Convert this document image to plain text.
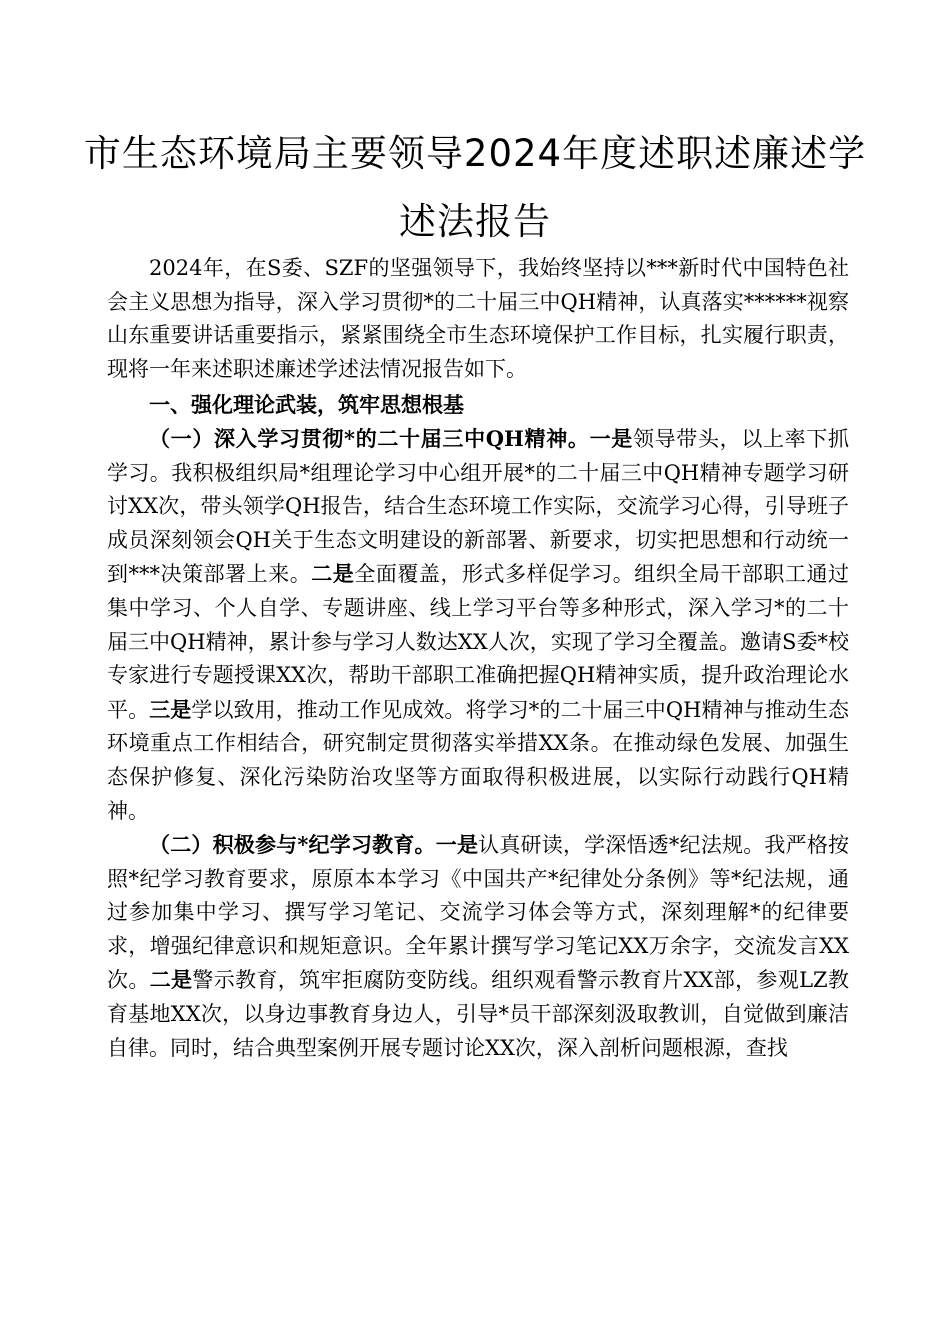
市生态环境局主要领导2024年度述职述廉述学
述法报告

2024年，在S委、SZF的坚强领导下，我始终坚持以***新时代中国特色社会主义思想为指导，深入学习贯彻*的二十届三中QH精神，认真落实******视察山东重要讲话重要指示，紧紧围绕全市生态环境保护工作目标，扎实履行职责，现将一年来述职述廉述学述法情况报告如下。

一、强化理论武装，筑牢思想根基

（一）深入学习贯彻*的二十届三中QH精神。一是领导带头，以上率下抓学习。我积极组织局*组理论学习中心组开展*的二十届三中QH精神专题学习研讨XX次，带头领学QH报告，结合生态环境工作实际，交流学习心得，引导班子成员深刻领会QH关于生态文明建设的新部署、新要求，切实把思想和行动统一到***决策部署上来。二是全面覆盖，形式多样促学习。组织全局干部职工通过集中学习、个人自学、专题讲座、线上学习平台等多种形式，深入学习*的二十届三中QH精神，累计参与学习人数达XX人次，实现了学习全覆盖。邀请S委*校专家进行专题授课XX次，帮助干部职工准确把握QH精神实质，提升政治理论水平。三是学以致用，推动工作见成效。将学习*的二十届三中QH精神与推动生态环境重点工作相结合，研究制定贯彻落实举措XX条。在推动绿色发展、加强生态保护修复、深化污染防治攻坚等方面取得积极进展，以实际行动践行QH精神。

（二）积极参与*纪学习教育。一是认真研读，学深悟透*纪法规。我严格按照*纪学习教育要求，原原本本学习《中国共产*纪律处分条例》等*纪法规，通过参加集中学习、撰写学习笔记、交流学习体会等方式，深刻理解*的纪律要求，增强纪律意识和规矩意识。全年累计撰写学习笔记XX万余字，交流发言XX次。二是警示教育，筑牢拒腐防变防线。组织观看警示教育片XX部，参观LZ教育基地XX次，以身边事教育身边人，引导*员干部深刻汲取教训，自觉做到廉洁自律。同时，结合典型案例开展专题讨论XX次，深入剖析问题根源，查找
